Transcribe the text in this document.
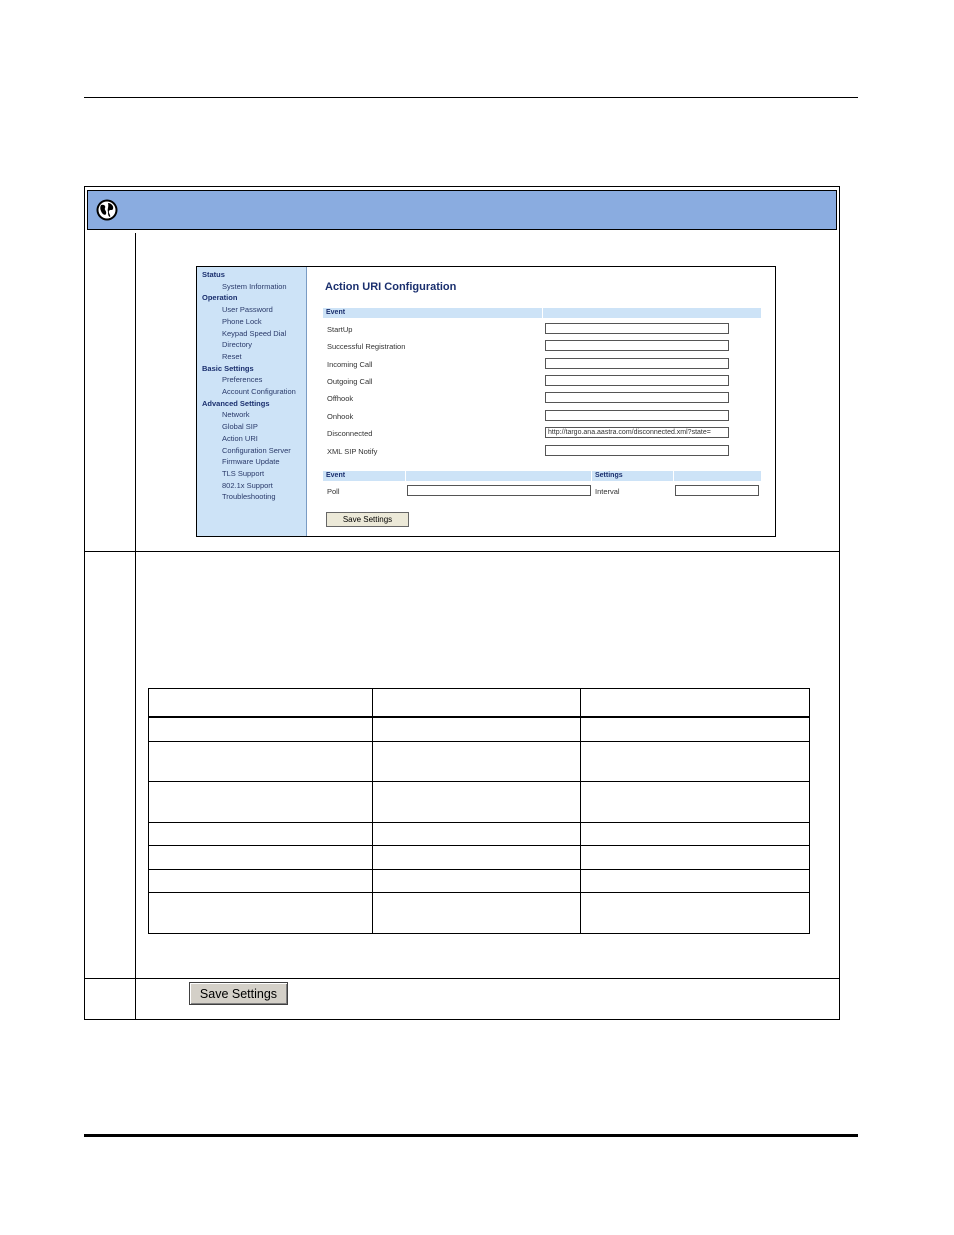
Status
System Information
Operation
User Password
Phone Lock
Keypad Speed Dial
Directory
Reset
Basic Settings
Preferences
Account Configuration
Advanced Settings
Network
Global SIP
Action URI
Configuration Server
Firmware Update
TLS Support
802.1x Support
Troubleshooting
Action URI Configuration
Event
StartUp
Successful Registration
Incoming Call
Outgoing Call
Offhook
Onhook
Disconnected	http://targo.ana.aastra.com/disconnected.xml?state=
XML SIP Notify
Event	Settings
Poll	Interval
Save Settings
Save Settings
